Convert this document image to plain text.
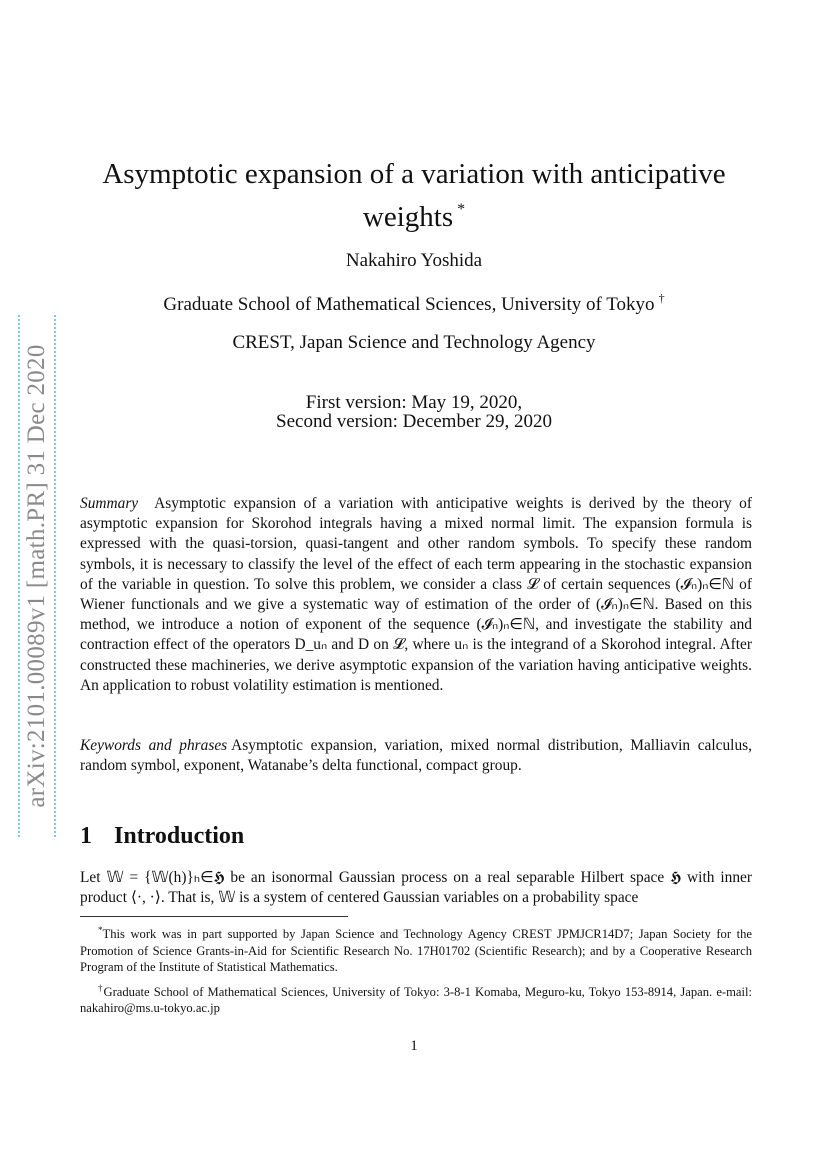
arXiv:2101.00089v1 [math.PR] 31 Dec 2020
Asymptotic expansion of a variation with anticipative weights *
Nakahiro Yoshida
Graduate School of Mathematical Sciences, University of Tokyo †
CREST, Japan Science and Technology Agency
First version: May 19, 2020,
Second version: December 29, 2020
Summary Asymptotic expansion of a variation with anticipative weights is derived by the theory of asymptotic expansion for Skorohod integrals having a mixed normal limit. The expansion formula is expressed with the quasi-torsion, quasi-tangent and other random symbols. To specify these random symbols, it is necessary to classify the level of the effect of each term appearing in the stochastic expansion of the variable in question. To solve this problem, we consider a class 𝓛 of certain sequences (𝓘ₙ)ₙ∈ℕ of Wiener functionals and we give a systematic way of estimation of the order of (𝓘ₙ)ₙ∈ℕ. Based on this method, we introduce a notion of exponent of the sequence (𝓘ₙ)ₙ∈ℕ, and investigate the stability and contraction effect of the operators D_uₙ and D on 𝓛, where uₙ is the integrand of a Skorohod integral. After constructed these machineries, we derive asymptotic expansion of the variation having anticipative weights. An application to robust volatility estimation is mentioned.
Keywords and phrases Asymptotic expansion, variation, mixed normal distribution, Malliavin calculus, random symbol, exponent, Watanabe’s delta functional, compact group.
1 Introduction
Let 𝕎 = {𝕎(h)}ₕ∈𝕳 be an isonormal Gaussian process on a real separable Hilbert space 𝕳 with inner product ⟨·, ·⟩. That is, 𝕎 is a system of centered Gaussian variables on a probability space

*This work was in part supported by Japan Science and Technology Agency CREST JPMJCR14D7; Japan Society for the Promotion of Science Grants-in-Aid for Scientific Research No. 17H01702 (Scientific Research); and by a Cooperative Research Program of the Institute of Statistical Mathematics.

†Graduate School of Mathematical Sciences, University of Tokyo: 3-8-1 Komaba, Meguro-ku, Tokyo 153-8914, Japan. e-mail: nakahiro@ms.u-tokyo.ac.jp

1
